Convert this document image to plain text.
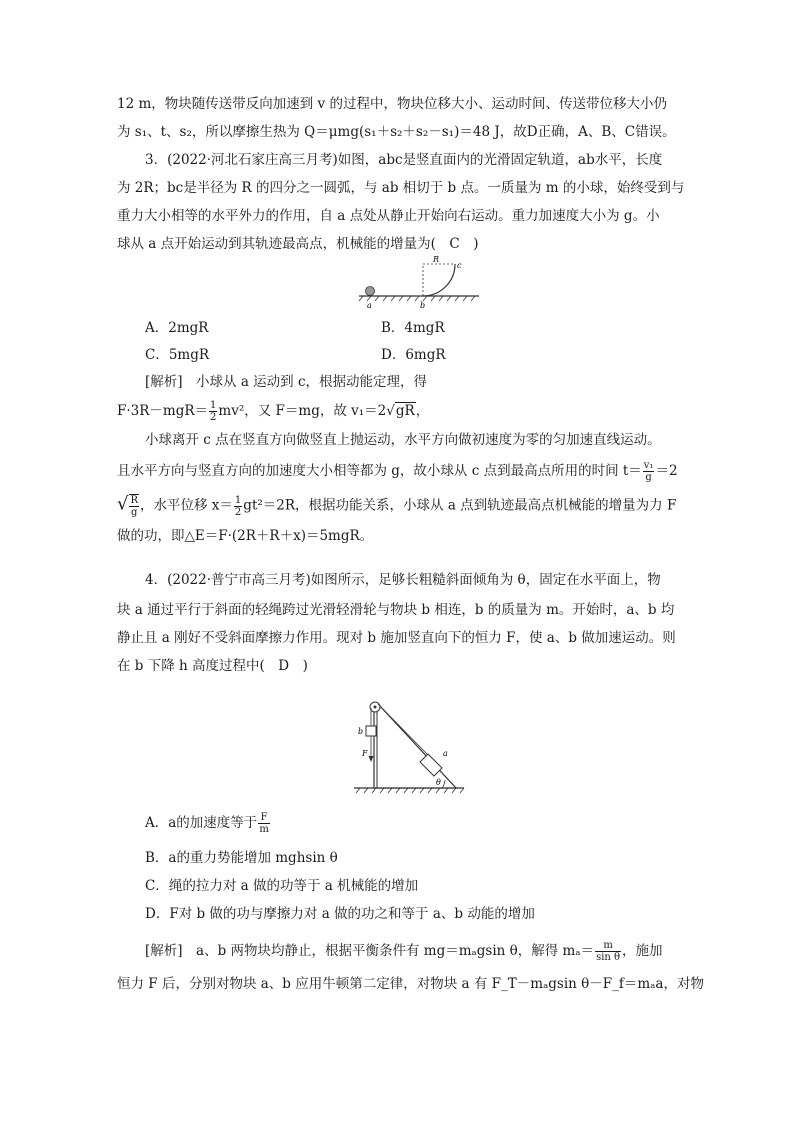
12 m，物块随传送带反向加速到 v 的过程中，物块位移大小、运动时间、传送带位移大小仍
为 s₁、t、s₂，所以摩擦生热为 Q＝μmg(s₁＋s₂＋s₂－s₁)＝48 J，故D正确，A、B、C错误。
3．(2022·河北石家庄高三月考)如图，abc是竖直面内的光滑固定轨道，ab水平，长度
为 2R；bc是半径为 R 的四分之一圆弧，与 ab 相切于 b 点。一质量为 m 的小球，始终受到与
重力大小相等的水平外力的作用，自 a 点处从静止开始向右运动。重力加速度大小为 g。小
球从 a 点开始运动到其轨迹最高点，机械能的增量为(　C　)
a	b
c
R
A．2mgR	B．4mgR
C．5mgR	D．6mgR
[解析]　小球从 a 运动到 c，根据动能定理，得
$F\cdot 3R-mgR= \frac{1}{2} mv^2$，又 F＝mg，故 v₁＝2√gR，
小球离开 c 点在竖直方向做竖直上抛运动，水平方向做初速度为零的匀加速直线运动。
且水平方向与竖直方向的加速度大小相等都为 g，故小球从 c 点到最高点所用的时间 $t= \frac{\text{v₁}}{g} =2$
√ $\frac{R}{g}$ ，水平位移 $x= \frac{1}{2} gt^2=2R$，根据功能关系，小球从 a 点到轨迹最高点机械能的增量为力 F
做的功，即△E＝F·(2R＋R＋x)＝5mgR。
4．(2022·普宁市高三月考)如图所示，足够长粗糙斜面倾角为 θ，固定在水平面上，物
块 a 通过平行于斜面的轻绳跨过光滑轻滑轮与物块 b 相连，b 的质量为 m。开始时，a、b 均
静止且 a 刚好不受斜面摩擦力作用。现对 b 施加竖直向下的恒力 F，使 a、b 做加速运动。则
在 b 下降 h 高度过程中(　D　)
b
F	a
θ
A．a的加速度等于 $\frac{F}{m}$
B．a的重力势能增加 mghsin θ
C．绳的拉力对 a 做的功等于 a 机械能的增加
D．F对 b 做的功与摩擦力对 a 做的功之和等于 a、b 动能的增加
[解析]　a、b 两物块均静止，根据平衡条件有 mg＝mₐgsin θ，解得 $m_a= \frac{m}{\text{sin θ}}$ ，施加
恒力 F 后，分别对物块 a、b 应用牛顿第二定律，对物块 a 有 F_T－mₐgsin θ－F_f＝mₐa，对物
